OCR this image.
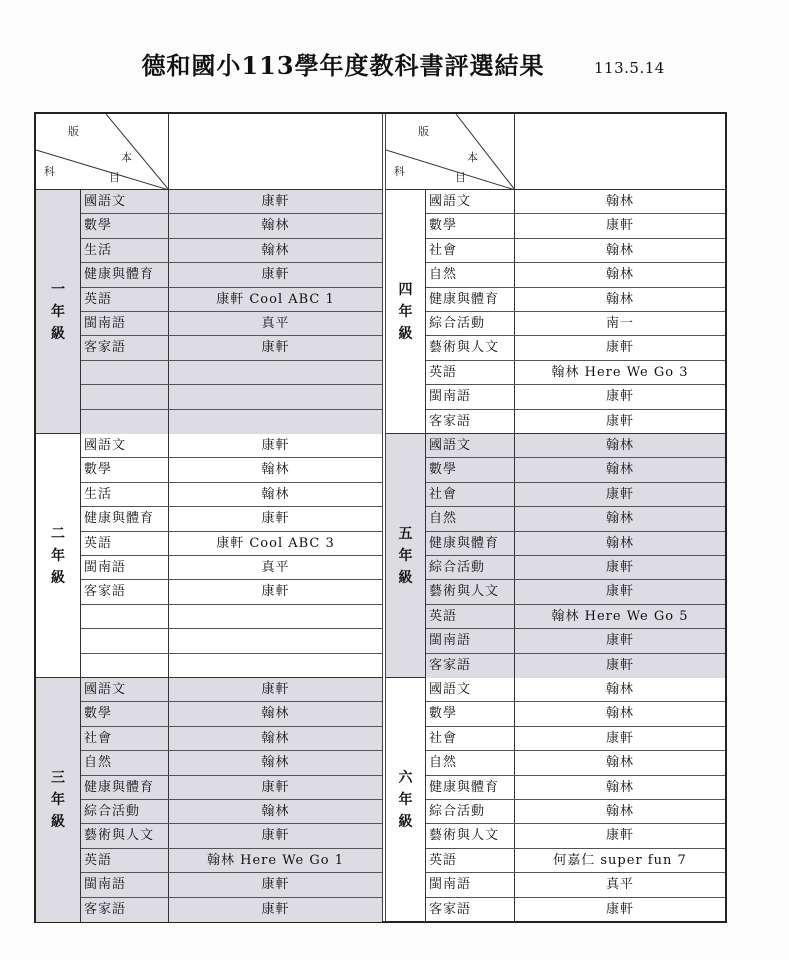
德和國小113學年度教科書評選結果	113.5.14
版
本
科	目
一
年
級
國語文	康軒
數學	翰林
生活	翰林
健康與體育	康軒
英語	康軒 Cool ABC 1
閩南語	真平
客家語	康軒
二
年
級
國語文	康軒
數學	翰林
生活	翰林
健康與體育	康軒
英語	康軒 Cool ABC 3
閩南語	真平
客家語	康軒
三
年
級
國語文	康軒
數學	翰林
社會	翰林
自然	翰林
健康與體育	康軒
綜合活動	翰林
藝術與人文	康軒
英語	翰林 Here We Go 1
閩南語	康軒
客家語	康軒
版
本
科	目
四
年
級
國語文	翰林
數學	康軒
社會	翰林
自然	翰林
健康與體育	翰林
綜合活動	南一
藝術與人文	康軒
英語	翰林 Here We Go 3
閩南語	康軒
客家語	康軒
五
年
級
國語文	翰林
數學	翰林
社會	康軒
自然	翰林
健康與體育	翰林
綜合活動	康軒
藝術與人文	康軒
英語	翰林 Here We Go 5
閩南語	康軒
客家語	康軒
六
年
級
國語文	翰林
數學	翰林
社會	康軒
自然	翰林
健康與體育	翰林
綜合活動	翰林
藝術與人文	康軒
英語	何嘉仁 super fun 7
閩南語	真平
客家語	康軒
